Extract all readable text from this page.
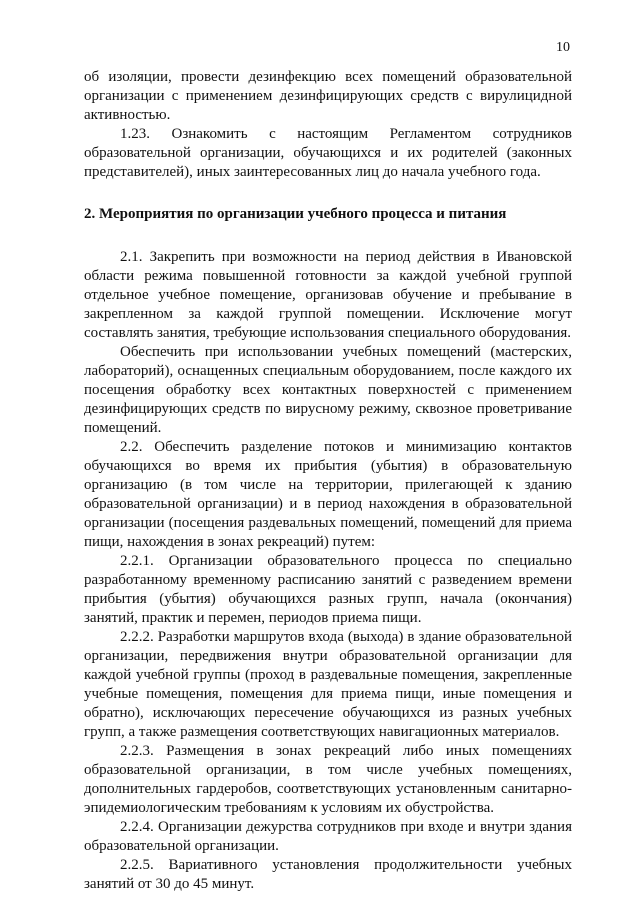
10

об изоляции, провести дезинфекцию всех помещений образовательной организации с применением дезинфицирующих средств с вирулицидной активностью.

1.23. Ознакомить с настоящим Регламентом сотрудников образовательной организации, обучающихся и их родителей (законных представителей), иных заинтересованных лиц до начала учебного года.

2. Мероприятия по организации учебного процесса и питания

2.1. Закрепить при возможности на период действия в Ивановской области режима повышенной готовности за каждой учебной группой отдельное учебное помещение, организовав обучение и пребывание в закрепленном за каждой группой помещении. Исключение могут составлять занятия, требующие использования специального оборудования.

Обеспечить при использовании учебных помещений (мастерских, лабораторий), оснащенных специальным оборудованием, после каждого их посещения обработку всех контактных поверхностей с применением дезинфицирующих средств по вирусному режиму, сквозное проветривание помещений.

2.2. Обеспечить разделение потоков и минимизацию контактов обучающихся во время их прибытия (убытия) в образовательную организацию (в том числе на территории, прилегающей к зданию образовательной организации) и в период нахождения в образовательной организации (посещения раздевальных помещений, помещений для приема пищи, нахождения в зонах рекреаций) путем:

2.2.1. Организации образовательного процесса по специально разработанному временному расписанию занятий с разведением времени прибытия (убытия) обучающихся разных групп, начала (окончания) занятий, практик и перемен, периодов приема пищи.

2.2.2. Разработки маршрутов входа (выхода) в здание образовательной организации, передвижения внутри образовательной организации для каждой учебной группы (проход в раздевальные помещения, закрепленные учебные помещения, помещения для приема пищи, иные помещения и обратно), исключающих пересечение обучающихся из разных учебных групп, а также размещения соответствующих навигационных материалов.

2.2.3. Размещения в зонах рекреаций либо иных помещениях образовательной организации, в том числе учебных помещениях, дополнительных гардеробов, соответствующих установленным санитарно-эпидемиологическим требованиям к условиям их обустройства.

2.2.4. Организации дежурства сотрудников при входе и внутри здания образовательной организации.

2.2.5. Вариативного установления продолжительности учебных занятий от 30 до 45 минут.
